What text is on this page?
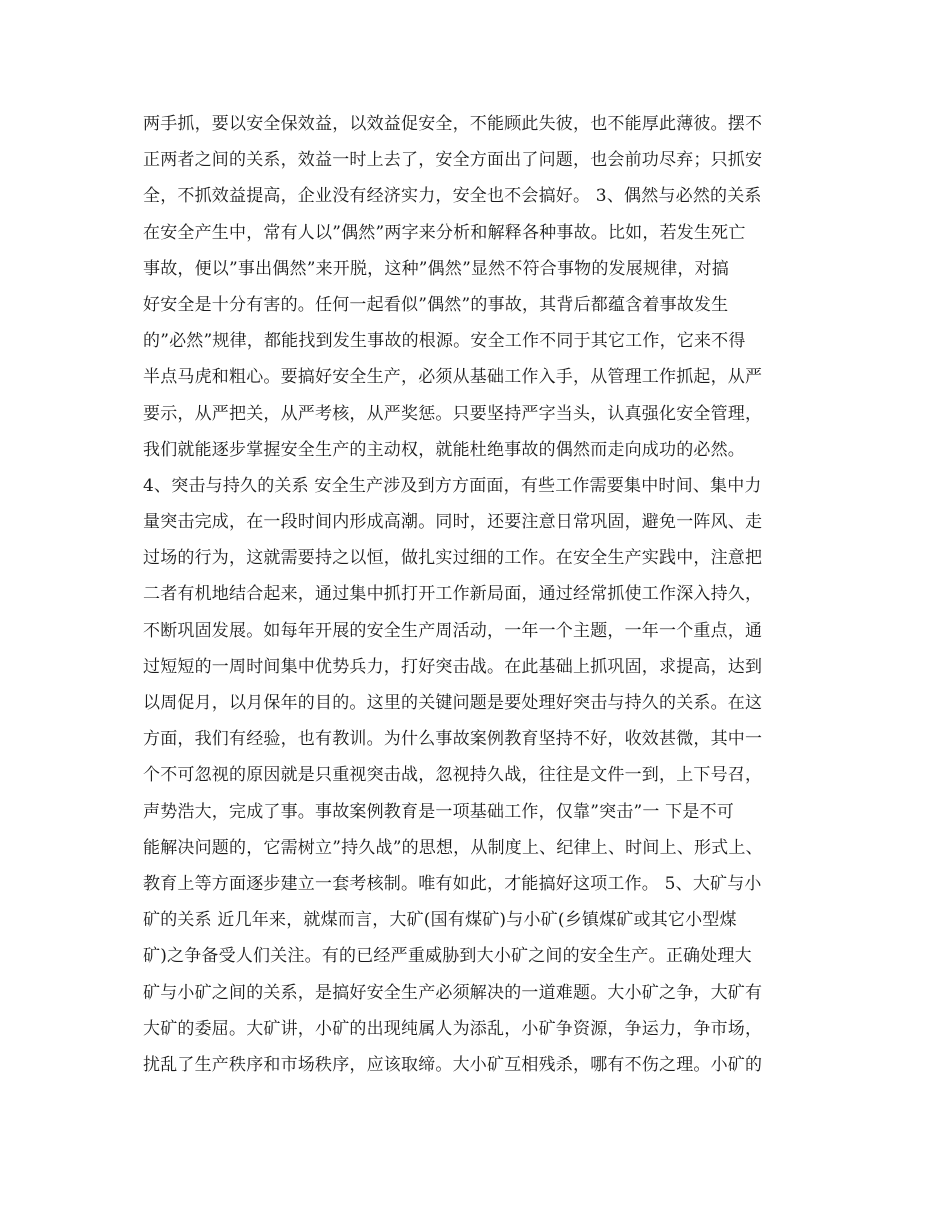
两手抓，要以安全保效益，以效益促安全，不能顾此失彼，也不能厚此薄彼。摆不
正两者之间的关系，效益一时上去了，安全方面出了问题，也会前功尽弃；只抓安
全，不抓效益提高，企业没有经济实力，安全也不会搞好。 3、偶然与必然的关系
在安全产生中，常有人以”偶然”两字来分析和解释各种事故。比如，若发生死亡
事故，便以”事出偶然”来开脱，这种”偶然”显然不符合事物的发展规律，对搞
好安全是十分有害的。任何一起看似”偶然”的事故，其背后都蕴含着事故发生
的”必然”规律，都能找到发生事故的根源。安全工作不同于其它工作，它来不得
半点马虎和粗心。要搞好安全生产，必须从基础工作入手，从管理工作抓起，从严
要示，从严把关，从严考核，从严奖惩。只要坚持严字当头，认真强化安全管理，
我们就能逐步掌握安全生产的主动权，就能杜绝事故的偶然而走向成功的必然。
4、突击与持久的关系 安全生产涉及到方方面面，有些工作需要集中时间、集中力
量突击完成，在一段时间内形成高潮。同时，还要注意日常巩固，避免一阵风、走
过场的行为，这就需要持之以恒，做扎实过细的工作。在安全生产实践中，注意把
二者有机地结合起来，通过集中抓打开工作新局面，通过经常抓使工作深入持久，
不断巩固发展。如每年开展的安全生产周活动，一年一个主题，一年一个重点，通
过短短的一周时间集中优势兵力，打好突击战。在此基础上抓巩固，求提高，达到
以周促月，以月保年的目的。这里的关键问题是要处理好突击与持久的关系。在这
方面，我们有经验，也有教训。为什么事故案例教育坚持不好，收效甚微，其中一
个不可忽视的原因就是只重视突击战，忽视持久战，往往是文件一到，上下号召，
声势浩大，完成了事。事故案例教育是一项基础工作，仅靠”突击”一 下是不可
能解决问题的，它需树立”持久战”的思想，从制度上、纪律上、时间上、形式上、
教育上等方面逐步建立一套考核制。唯有如此，才能搞好这项工作。 5、大矿与小
矿的关系 近几年来，就煤而言，大矿(国有煤矿)与小矿(乡镇煤矿或其它小型煤
矿)之争备受人们关注。有的已经严重威胁到大小矿之间的安全生产。正确处理大
矿与小矿之间的关系，是搞好安全生产必须解决的一道难题。大小矿之争，大矿有
大矿的委屈。大矿讲，小矿的出现纯属人为添乱，小矿争资源，争运力，争市场，
扰乱了生产秩序和市场秩序，应该取缔。大小矿互相残杀，哪有不伤之理。小矿的
